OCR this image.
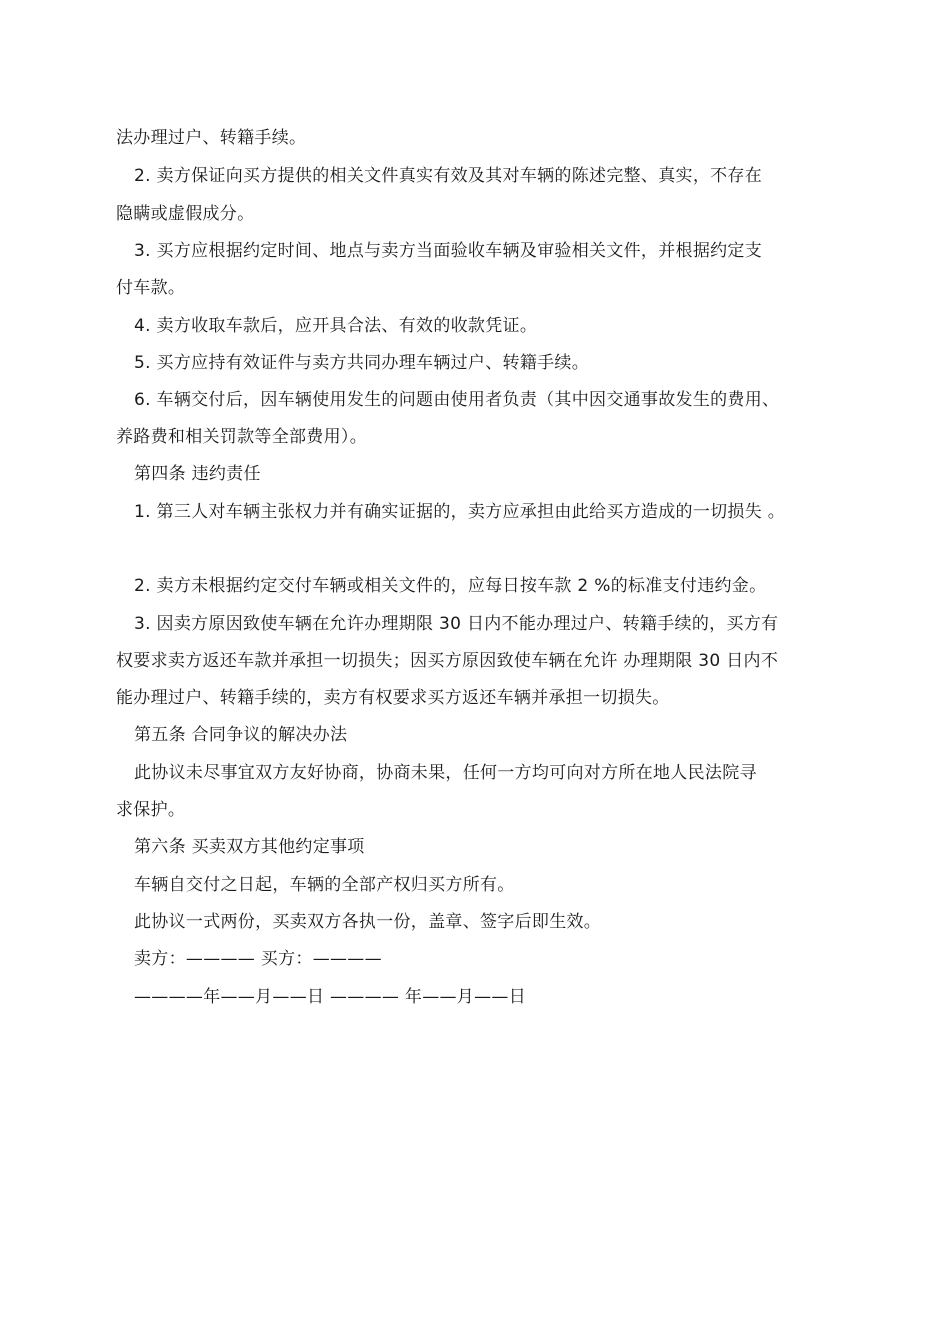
法办理过户、转籍手续。
2. 卖方保证向买方提供的相关文件真实有效及其对车辆的陈述完整、真实，不存在
隐瞒或虚假成分。
3. 买方应根据约定时间、地点与卖方当面验收车辆及审验相关文件，并根据约定支
付车款。
4. 卖方收取车款后，应开具合法、有效的收款凭证。
5. 买方应持有效证件与卖方共同办理车辆过户、转籍手续。
6. 车辆交付后，因车辆使用发生的问题由使用者负责（其中因交通事故发生的费用、
养路费和相关罚款等全部费用）。
第四条 违约责任
1. 第三人对车辆主张权力并有确实证据的，卖方应承担由此给买方造成的一切损失 。
2. 卖方未根据约定交付车辆或相关文件的，应每日按车款 2 %的标准支付违约金。
3. 因卖方原因致使车辆在允许办理期限 30 日内不能办理过户、转籍手续的，买方有
权要求卖方返还车款并承担一切损失；因买方原因致使车辆在允许 办理期限 30 日内不
能办理过户、转籍手续的，卖方有权要求买方返还车辆并承担一切损失。
第五条 合同争议的解决办法
此协议未尽事宜双方友好协商，协商未果，任何一方均可向对方所在地人民法院寻
求保护。
第六条 买卖双方其他约定事项
车辆自交付之日起，车辆的全部产权归买方所有。
此协议一式两份，买卖双方各执一份，盖章、签字后即生效。
卖方：———— 买方：————
————年——月——日 ———— 年——月——日
